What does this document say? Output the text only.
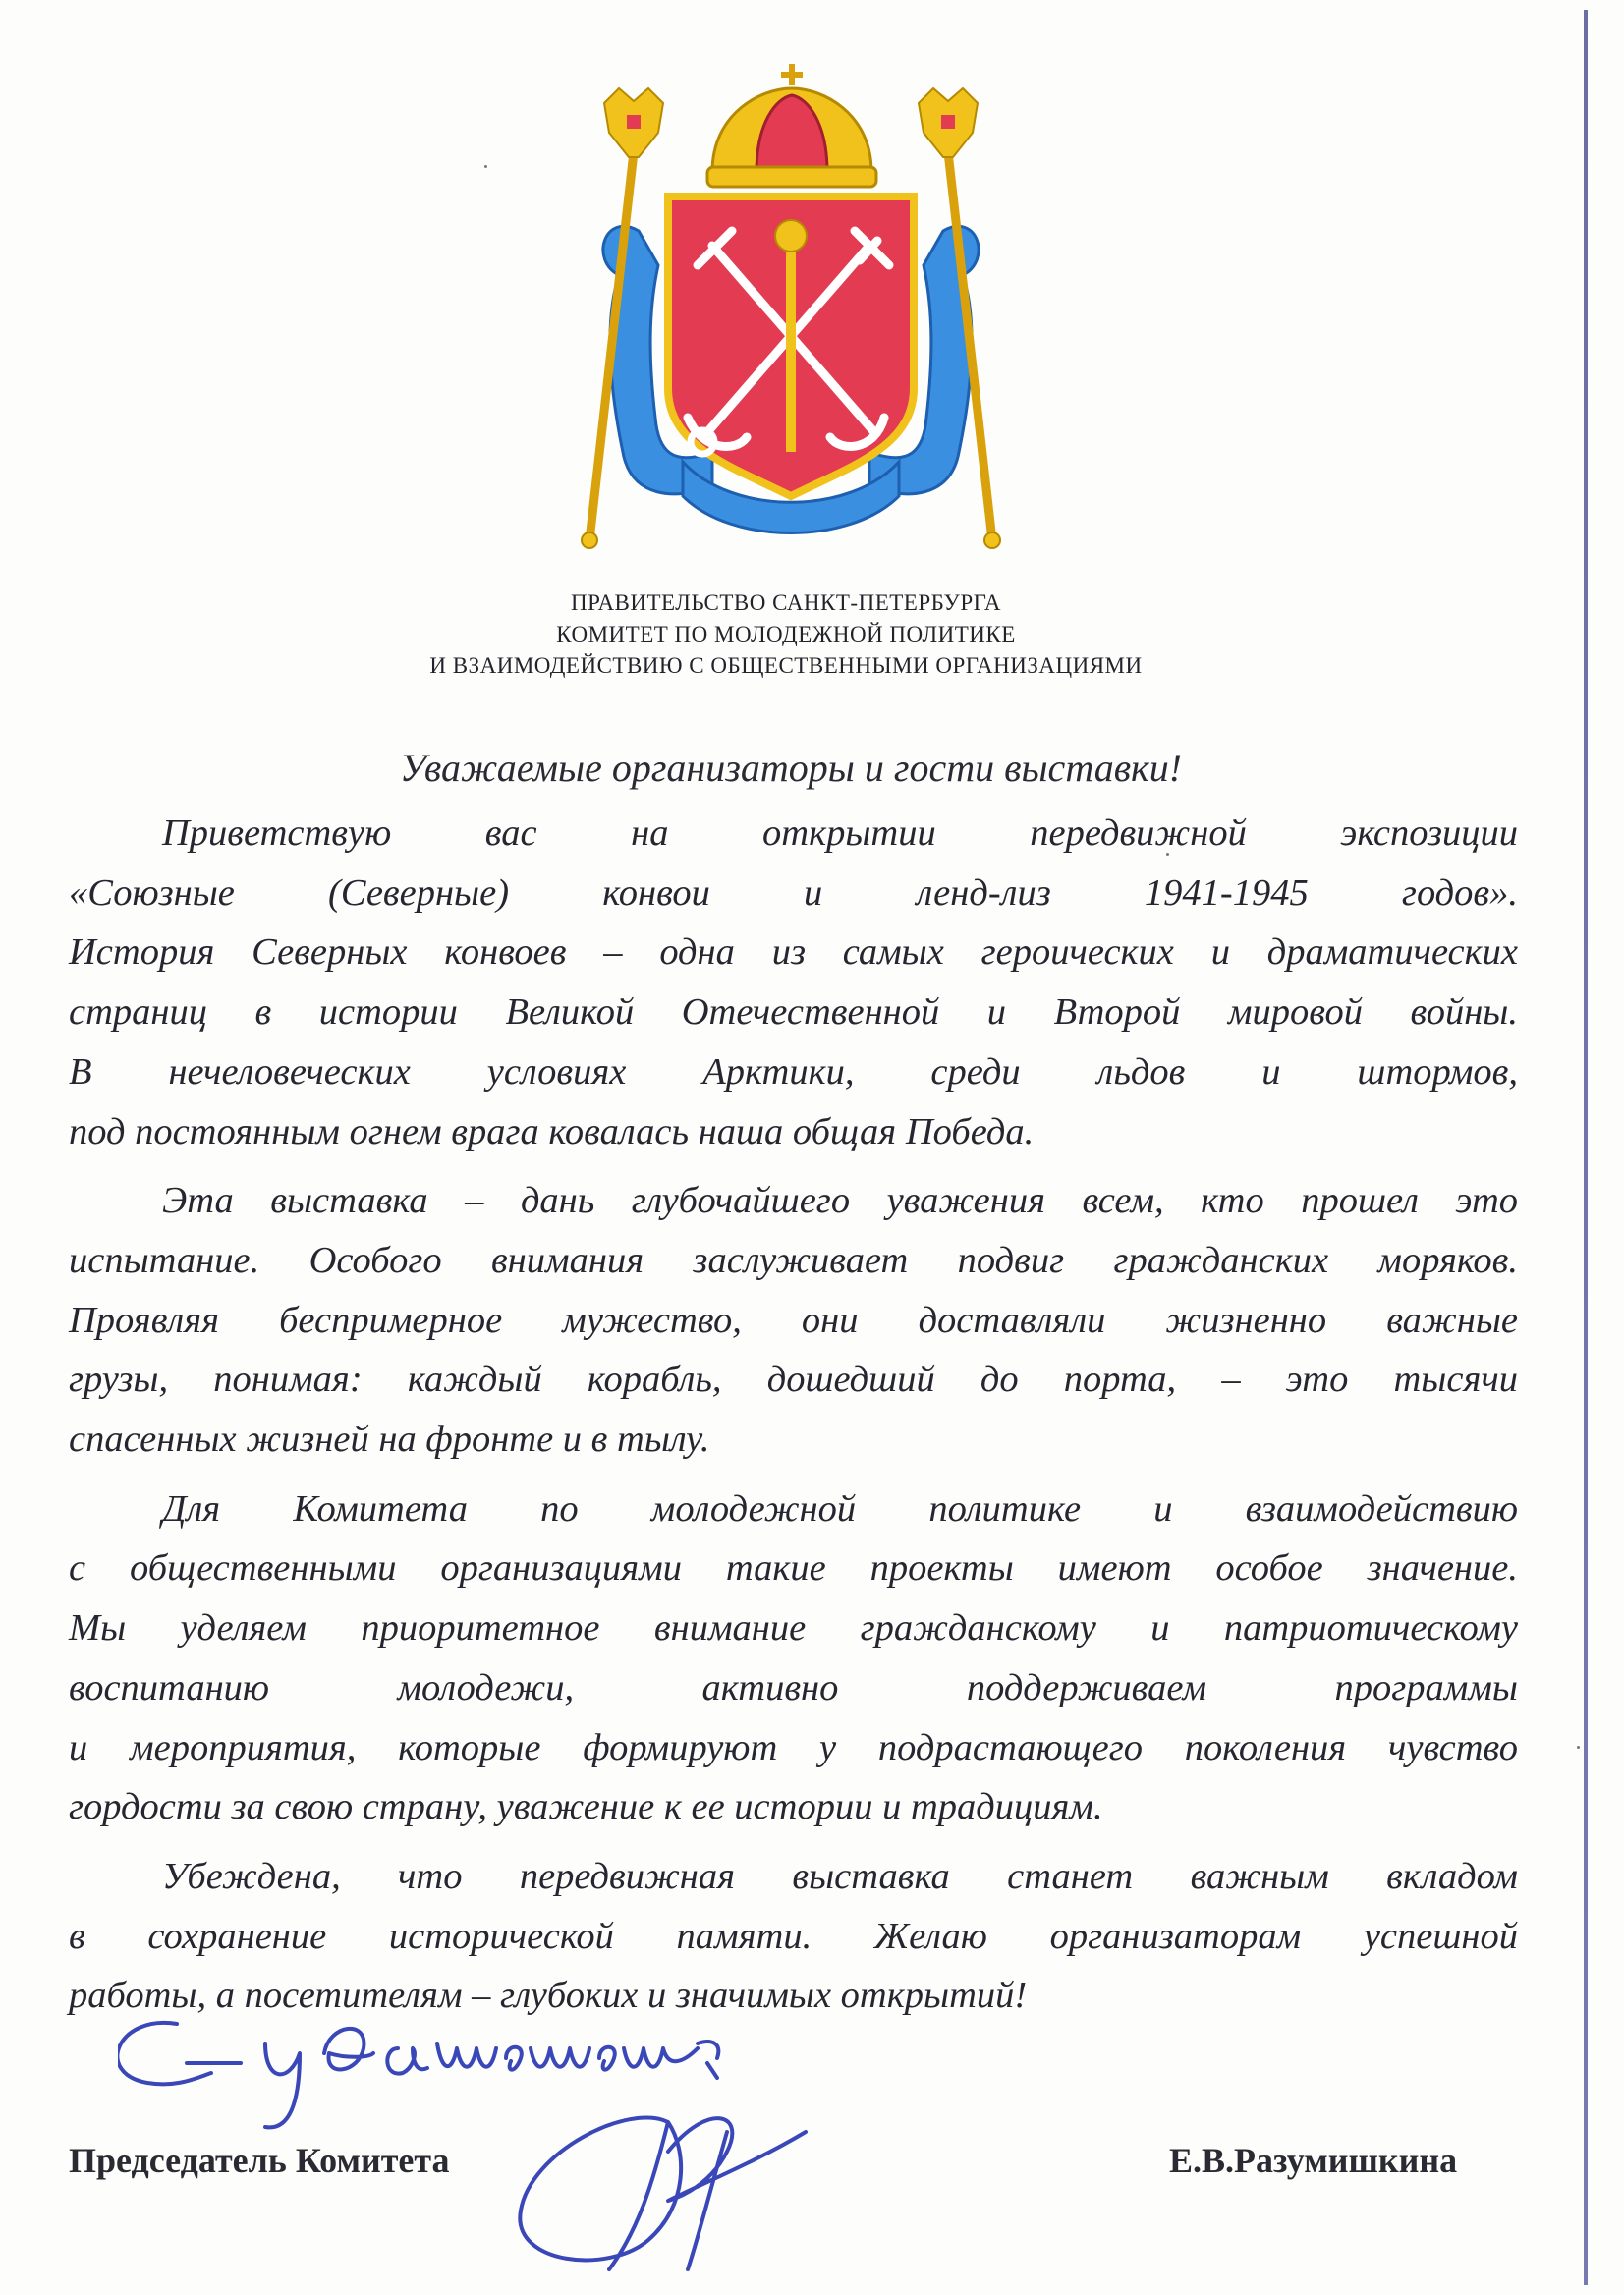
ПРАВИТЕЛЬСТВО САНКТ-ПЕТЕРБУРГА
КОМИТЕТ ПО МОЛОДЕЖНОЙ ПОЛИТИКЕ
И ВЗАИМОДЕЙСТВИЮ С ОБЩЕСТВЕННЫМИ ОРГАНИЗАЦИЯМИ
Уважаемые организаторы и гости выставки!

Приветствую вас на открытии передвижной экспозиции
«Союзные (Северные) конвои и ленд-лиз 1941-1945 годов».
История Северных конвоев – одна из самых героических и драматических
страниц в истории Великой Отечественной и Второй мировой войны.
В нечеловеческих условиях Арктики, среди льдов и штормов,
под постоянным огнем врага ковалась наша общая Победа.

Эта выставка – дань глубочайшего уважения всем, кто прошел это
испытание. Особого внимания заслуживает подвиг гражданских моряков.
Проявляя беспримерное мужество, они доставляли жизненно важные
грузы, понимая: каждый корабль, дошедший до порта, – это тысячи
спасенных жизней на фронте и в тылу.

Для Комитета по молодежной политике и взаимодействию
с общественными организациями такие проекты имеют особое значение.
Мы уделяем приоритетное внимание гражданскому и патриотическому
воспитанию молодежи, активно поддерживаем программы
и мероприятия, которые формируют у подрастающего поколения чувство
гордости за свою страну, уважение к ее истории и традициям.

Убеждена, что передвижная выставка станет важным вкладом
в сохранение исторической памяти. Желаю организаторам успешной
работы, а посетителям – глубоких и значимых открытий!

Председатель Комитета	Е.В.Разумишкина
